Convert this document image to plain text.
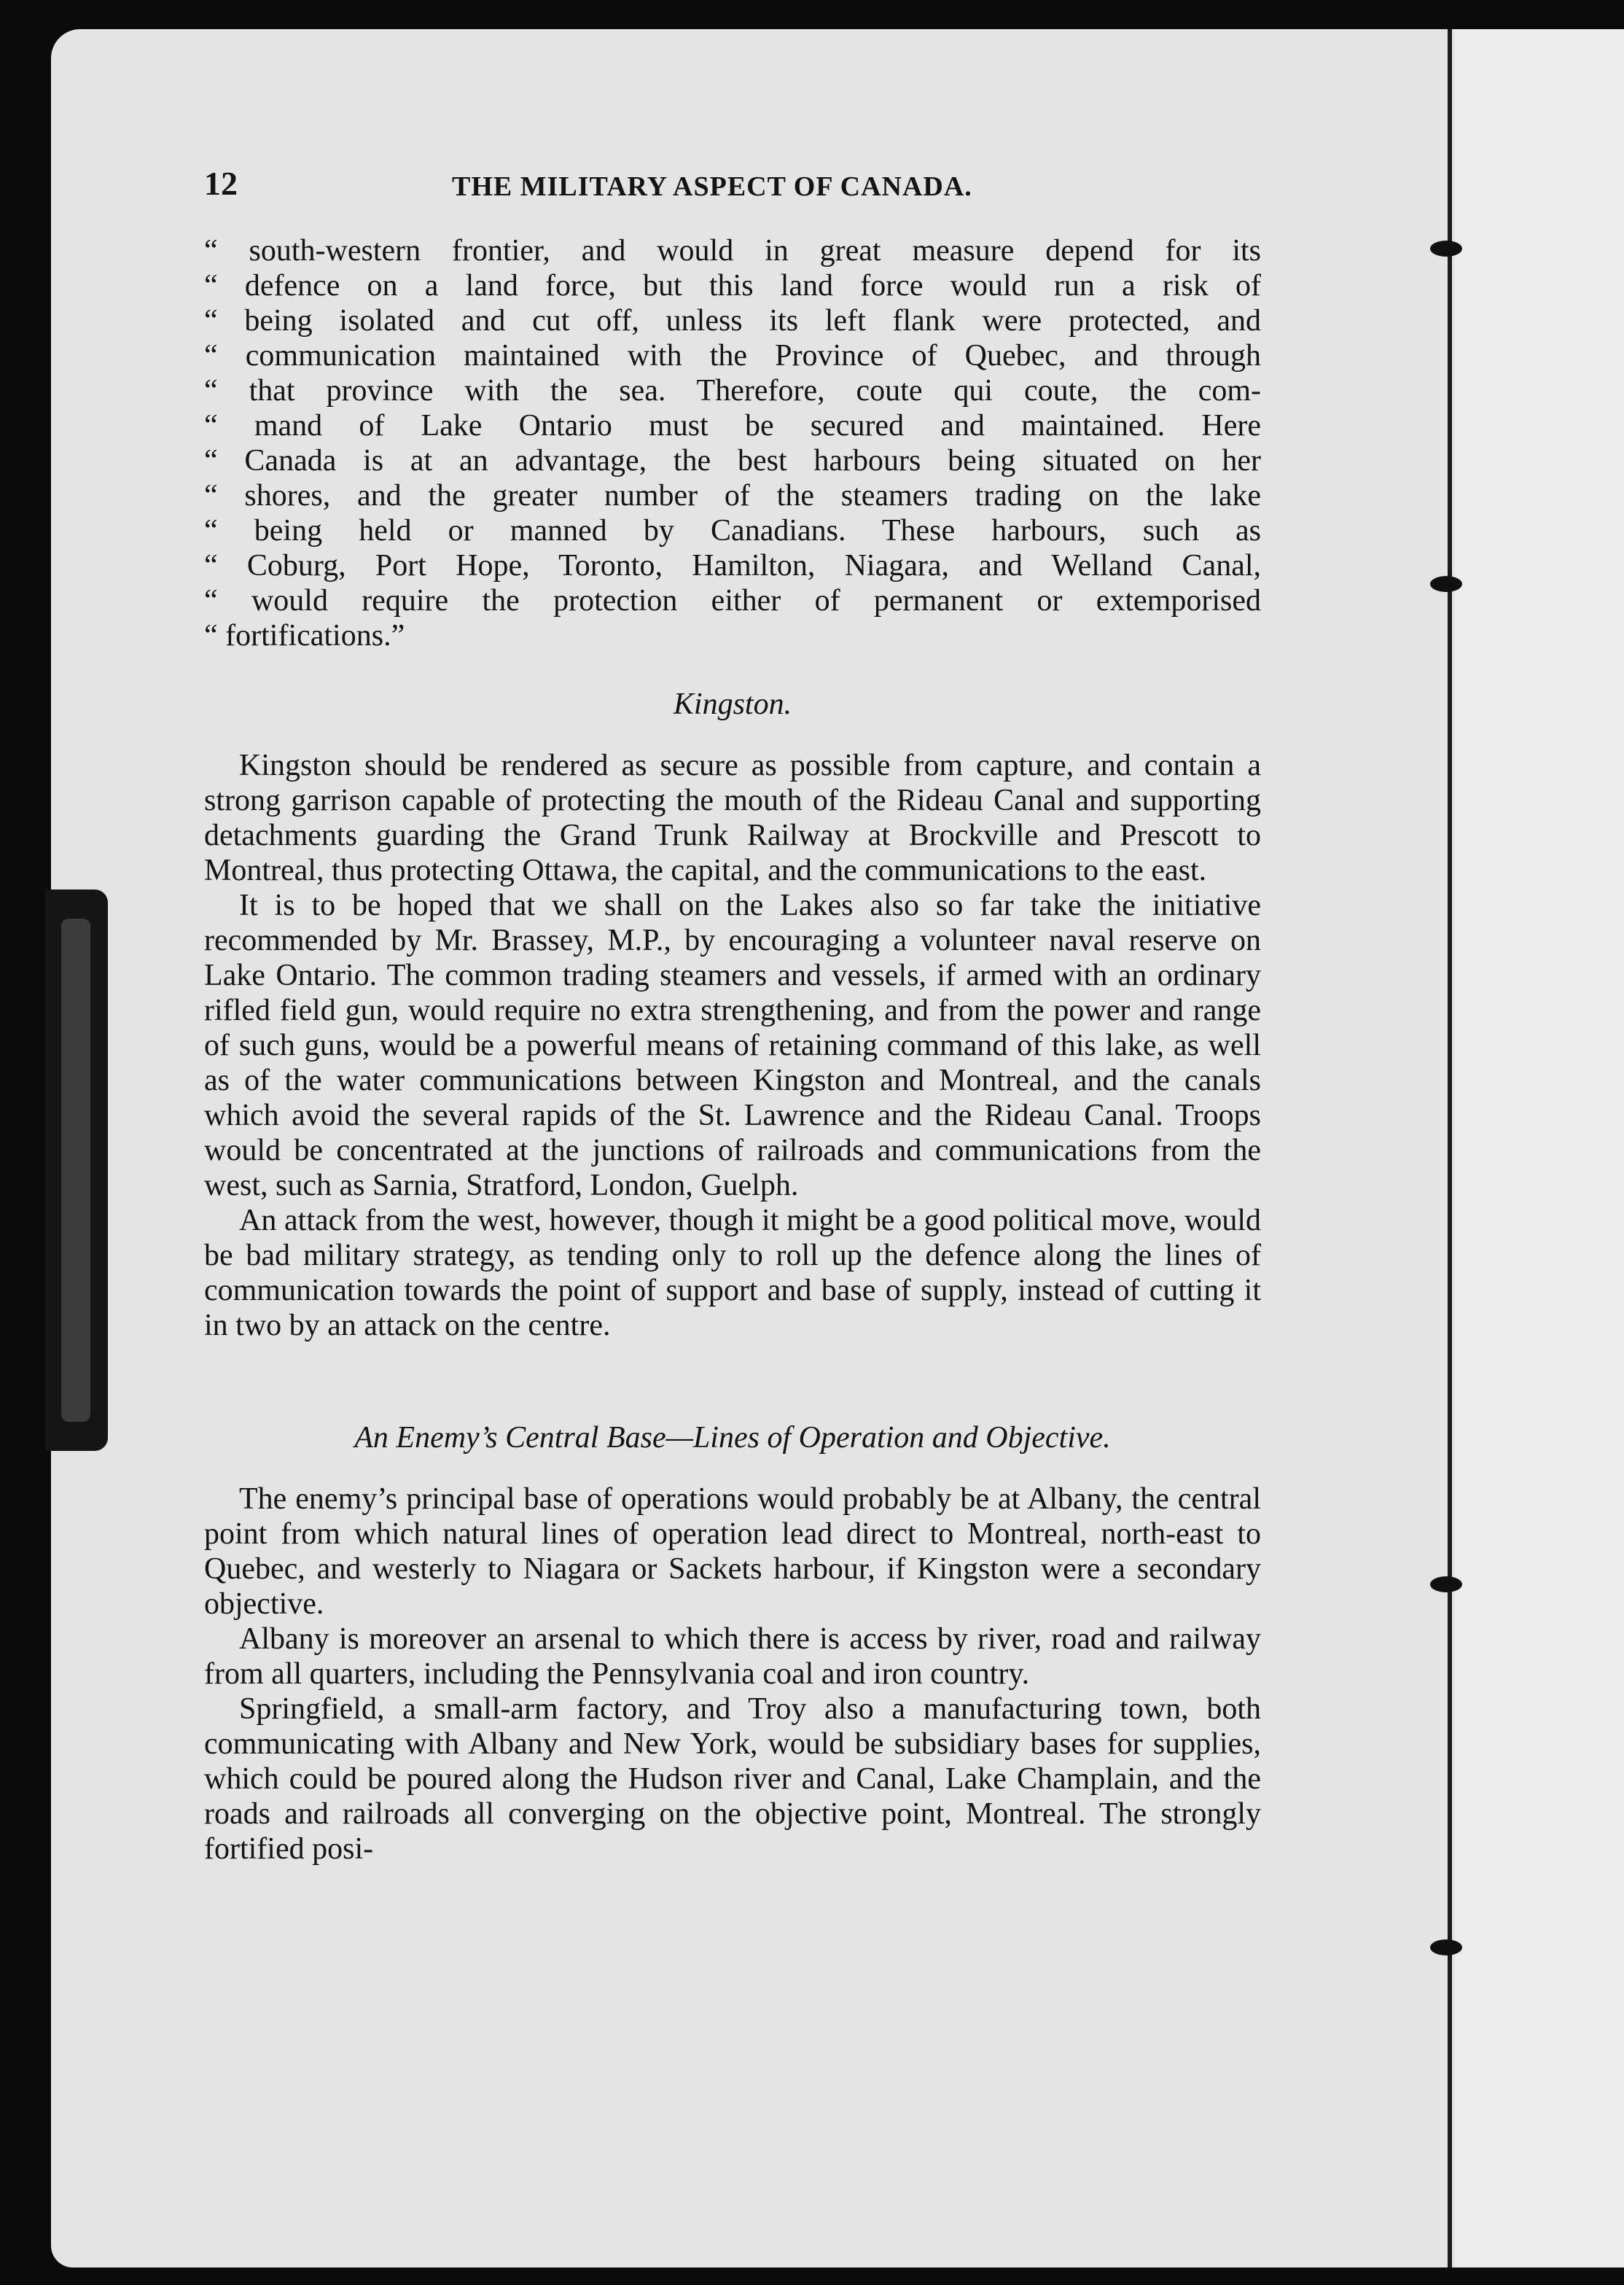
12	THE MILITARY ASPECT OF CANADA.
“ south-western frontier, and would in great measure depend for its
“ defence on a land force, but this land force would run a risk of
“ being isolated and cut off, unless its left flank were protected, and
“ communication maintained with the Province of Quebec, and through
“ that province with the sea. Therefore, coute qui coute, the com-
“ mand of Lake Ontario must be secured and maintained. Here
“ Canada is at an advantage, the best harbours being situated on her
“ shores, and the greater number of the steamers trading on the lake
“ being held or manned by Canadians. These harbours, such as
“ Coburg, Port Hope, Toronto, Hamilton, Niagara, and Welland Canal,
“ would require the protection either of permanent or extemporised
“ fortifications.”
Kingston.

Kingston should be rendered as secure as possible from capture, and contain a strong garrison capable of protecting the mouth of the Rideau Canal and supporting detachments guarding the Grand Trunk Railway at Brockville and Prescott to Montreal, thus protecting Ottawa, the capital, and the communications to the east.

It is to be hoped that we shall on the Lakes also so far take the initiative recommended by Mr. Brassey, M.P., by encouraging a volunteer naval reserve on Lake Ontario. The common trading steamers and vessels, if armed with an ordinary rifled field gun, would require no extra strengthening, and from the power and range of such guns, would be a powerful means of retaining command of this lake, as well as of the water communications between Kingston and Montreal, and the canals which avoid the several rapids of the St. Lawrence and the Rideau Canal. Troops would be concentrated at the junctions of railroads and communications from the west, such as Sarnia, Stratford, London, Guelph.

An attack from the west, however, though it might be a good political move, would be bad military strategy, as tending only to roll up the defence along the lines of communication towards the point of support and base of supply, instead of cutting it in two by an attack on the centre.

An Enemy’s Central Base—Lines of Operation and Objective.

The enemy’s principal base of operations would probably be at Albany, the central point from which natural lines of operation lead direct to Montreal, north-east to Quebec, and westerly to Niagara or Sackets harbour, if Kingston were a secondary objective.

Albany is moreover an arsenal to which there is access by river, road and railway from all quarters, including the Pennsylvania coal and iron country.

Springfield, a small-arm factory, and Troy also a manufacturing town, both communicating with Albany and New York, would be subsidiary bases for supplies, which could be poured along the Hudson river and Canal, Lake Champlain, and the roads and railroads all converging on the objective point, Montreal. The strongly fortified posi-
